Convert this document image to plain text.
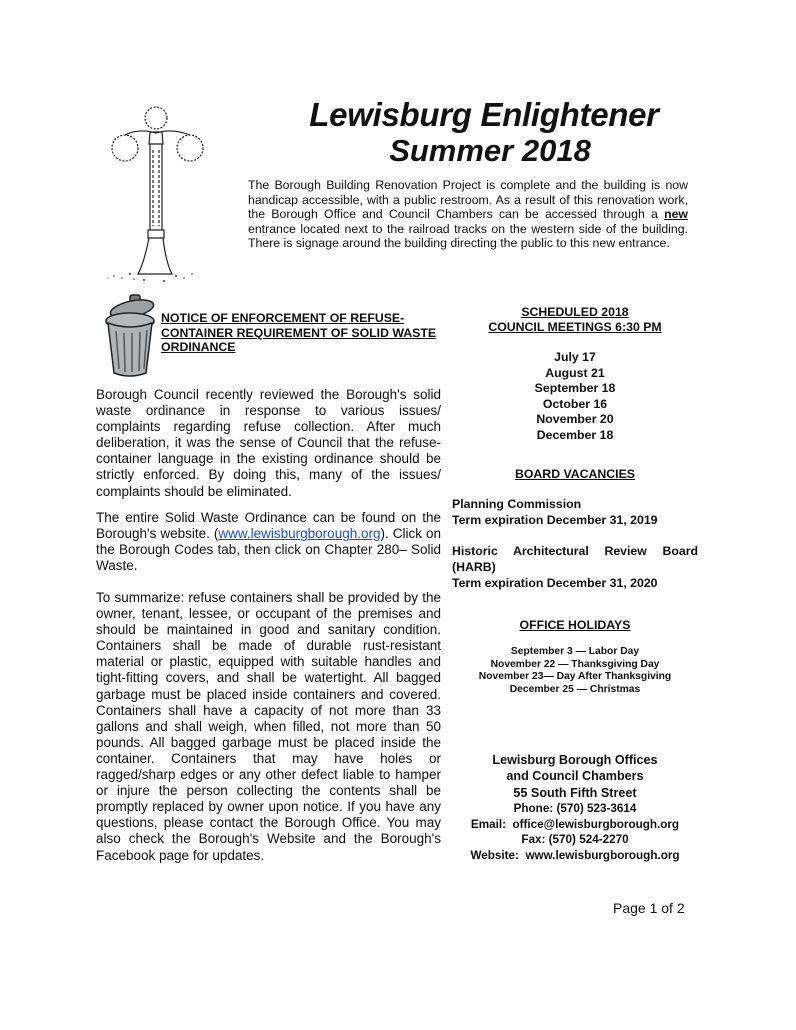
Lewisburg Enlightener
Summer 2018
The Borough Building Renovation Project is complete and the building is now handicap accessible, with a public restroom. As a result of this renovation work, the Borough Office and Council Chambers can be accessed through a new entrance located next to the railroad tracks on the western side of the building. There is signage around the building directing the public to this new entrance.
NOTICE OF ENFORCEMENT OF REFUSE-CONTAINER REQUIREMENT OF SOLID WASTE ORDINANCE
Borough Council recently reviewed the Borough's solid waste ordinance in response to various issues/ complaints regarding refuse collection. After much deliberation, it was the sense of Council that the refuse-container language in the existing ordinance should be strictly enforced. By doing this, many of the issues/ complaints should be eliminated.
The entire Solid Waste Ordinance can be found on the Borough's website. (www.lewisburgborough.org). Click on the Borough Codes tab, then click on Chapter 280– Solid Waste.
To summarize: refuse containers shall be provided by the owner, tenant, lessee, or occupant of the premises and should be maintained in good and sanitary condition. Containers shall be made of durable rust-resistant material or plastic, equipped with suitable handles and tight-fitting covers, and shall be watertight. All bagged garbage must be placed inside containers and covered. Containers shall have a capacity of not more than 33 gallons and shall weigh, when filled, not more than 50 pounds. All bagged garbage must be placed inside the container. Containers that may have holes or ragged/sharp edges or any other defect liable to hamper or injure the person collecting the contents shall be promptly replaced by owner upon notice. If you have any questions, please contact the Borough Office. You may also check the Borough's Website and the Borough's Facebook page for updates.
SCHEDULED 2018
COUNCIL MEETINGS 6:30 PM
July 17
August 21
September 18
October 16
November 20
December 18
BOARD VACANCIES
Planning Commission
Term expiration December 31, 2019
Historic Architectural Review Board (HARB)
Term expiration December 31, 2020
OFFICE HOLIDAYS
September 3 — Labor Day
November 22 — Thanksgiving Day
November 23— Day After Thanksgiving
December 25 — Christmas
Lewisburg Borough Offices
and Council Chambers
55 South Fifth Street
Phone: (570) 523-3614
Email: office@lewisburgborough.org
Fax: (570) 524-2270
Website: www.lewisburgborough.org
Page 1 of 2
